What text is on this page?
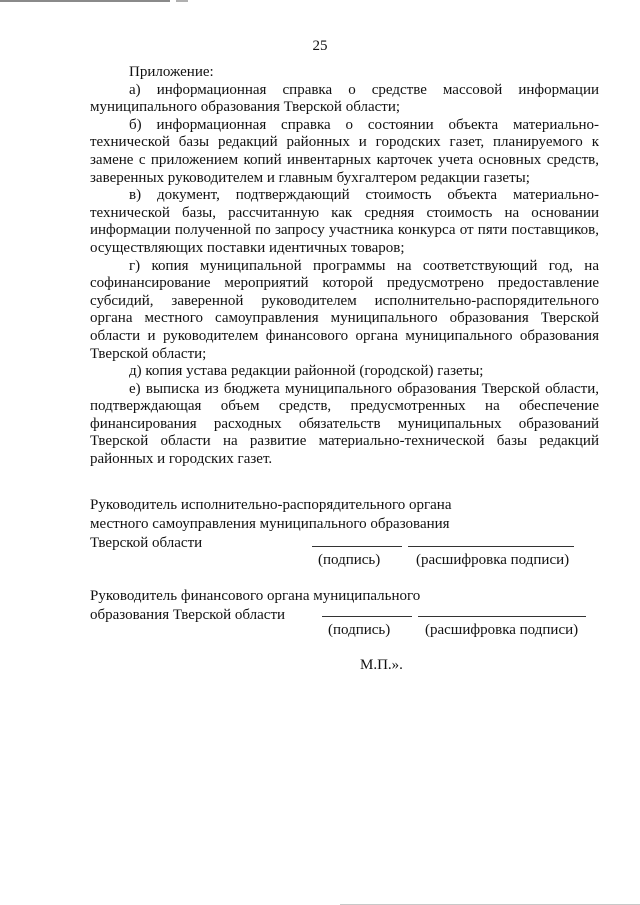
25

Приложение:

а) информационная справка о средстве массовой информации муниципального образования Тверской области;

б) информационная справка о состоянии объекта материально-технической базы редакций районных и городских газет, планируемого к замене с приложением копий инвентарных карточек учета основных средств, заверенных руководителем и главным бухгалтером редакции газеты;

в) документ, подтверждающий стоимость объекта материально-технической базы, рассчитанную как средняя стоимость на основании информации полученной по запросу участника конкурса от пяти поставщиков, осуществляющих поставки идентичных товаров;

г) копия муниципальной программы на соответствующий год, на софинансирование мероприятий которой предусмотрено предоставление субсидий, заверенной руководителем исполнительно-распорядительного органа местного самоуправления муниципального образования Тверской области и руководителем финансового органа муниципального образования Тверской области;

д) копия устава редакции районной (городской) газеты;

е) выписка из бюджета муниципального образования Тверской области, подтверждающая объем средств, предусмотренных на обеспечение финансирования расходных обязательств муниципальных образований Тверской области на развитие материально-технической базы редакций районных и городских газет.

Руководитель исполнительно-распорядительного органа
местного самоуправления муниципального образования
Тверской области
(подпись) (расшифровка подписи)
Руководитель финансового органа муниципального
образования Тверской области
(подпись) (расшифровка подписи)
М.П.».
